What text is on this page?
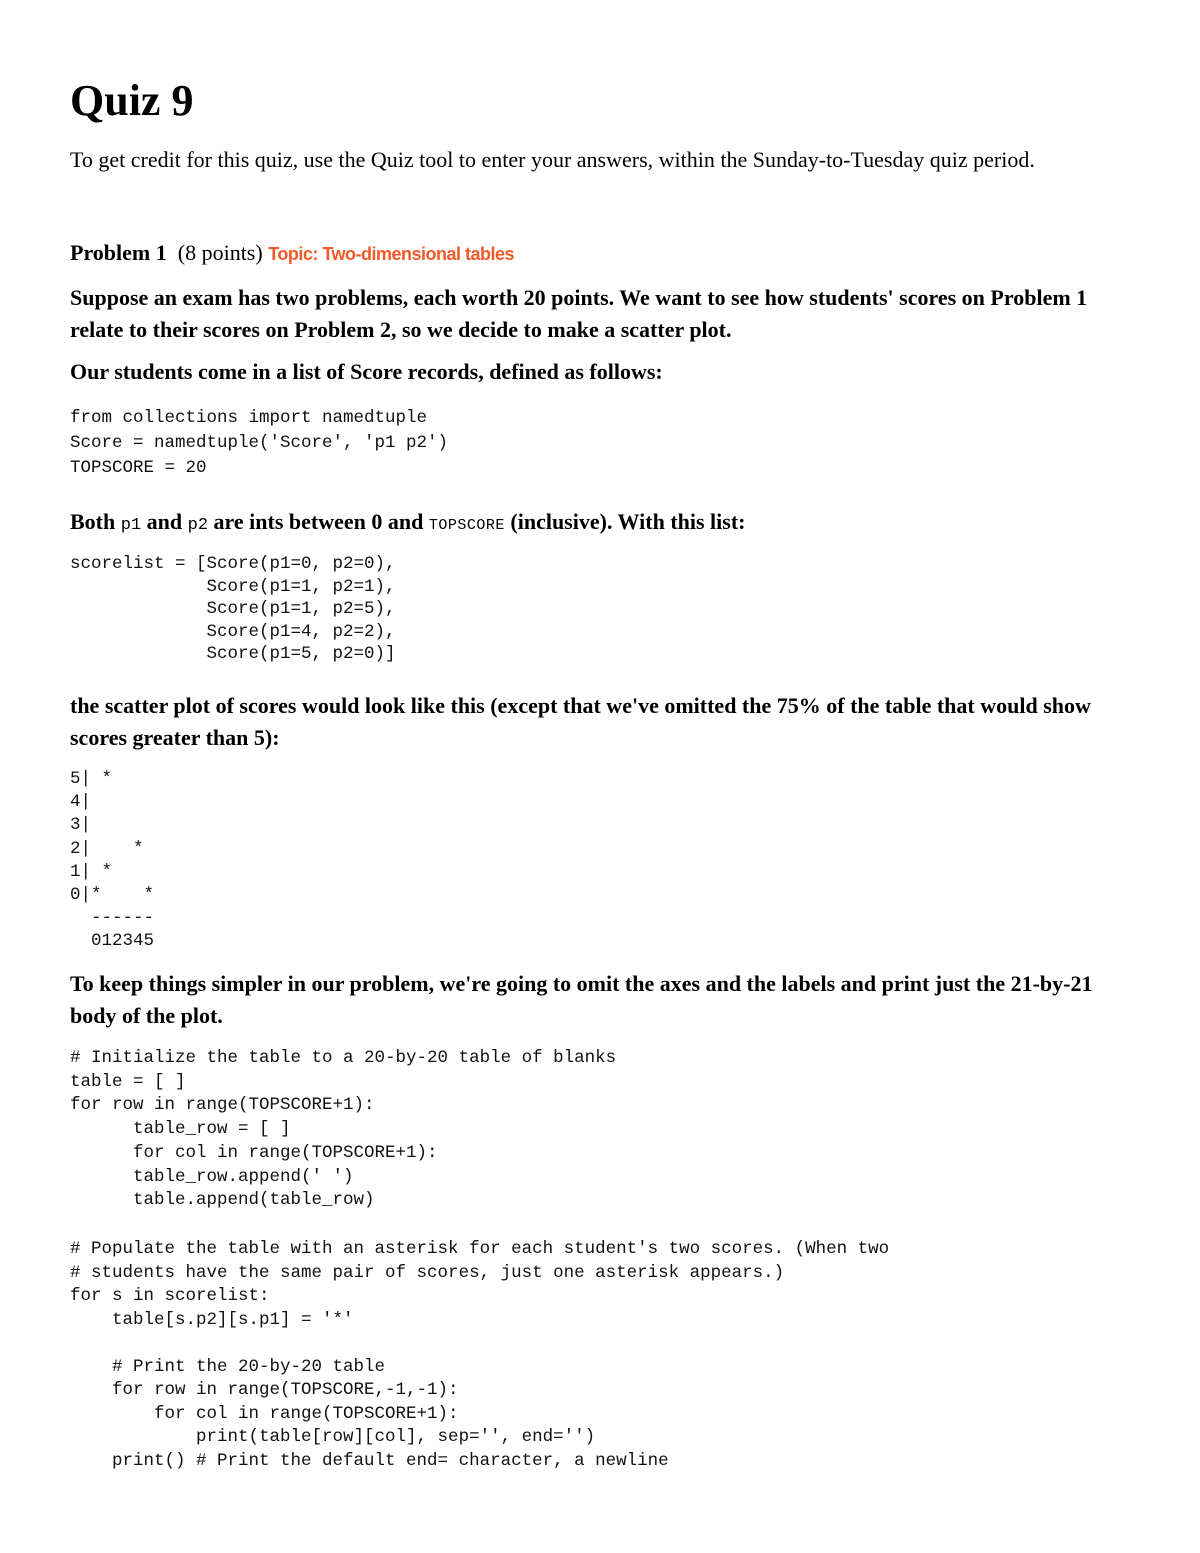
Quiz 9

To get credit for this quiz, use the Quiz tool to enter your answers, within the Sunday-to-Tuesday quiz period.

Problem 1 (8 points) Topic: Two-dimensional tables

Suppose an exam has two problems, each worth 20 points. We want to see how students' scores on Problem 1 relate to their scores on Problem 2, so we decide to make a scatter plot.

Our students come in a list of Score records, defined as follows:

from collections import namedtuple
Score = namedtuple('Score', 'p1 p2')
TOPSCORE = 20

Both p1 and p2 are ints between 0 and TOPSCORE (inclusive). With this list:

scorelist = [Score(p1=0, p2=0),
Score(p1=1, p2=1),
Score(p1=1, p2=5),
Score(p1=4, p2=2),
Score(p1=5, p2=0)]

the scatter plot of scores would look like this (except that we've omitted the 75% of the table that would show scores greater than 5):

5| *
4|
3|
2|    *
1| *
0|*    *
------
012345

To keep things simpler in our problem, we're going to omit the axes and the labels and print just the 21-by-21 body of the plot.

# Initialize the table to a 20-by-20 table of blanks
table = [ ]
for row in range(TOPSCORE+1):
table_row = [ ]
for col in range(TOPSCORE+1):
table_row.append(' ')
table.append(table_row)
# Populate the table with an asterisk for each student's two scores. (When two
# students have the same pair of scores, just one asterisk appears.)
for s in scorelist:
table[s.p2][s.p1] = '*'

# Print the 20-by-20 table
for row in range(TOPSCORE,-1,-1):
for col in range(TOPSCORE+1):
print(table[row][col], sep='', end='')
print() # Print the default end= character, a newline
